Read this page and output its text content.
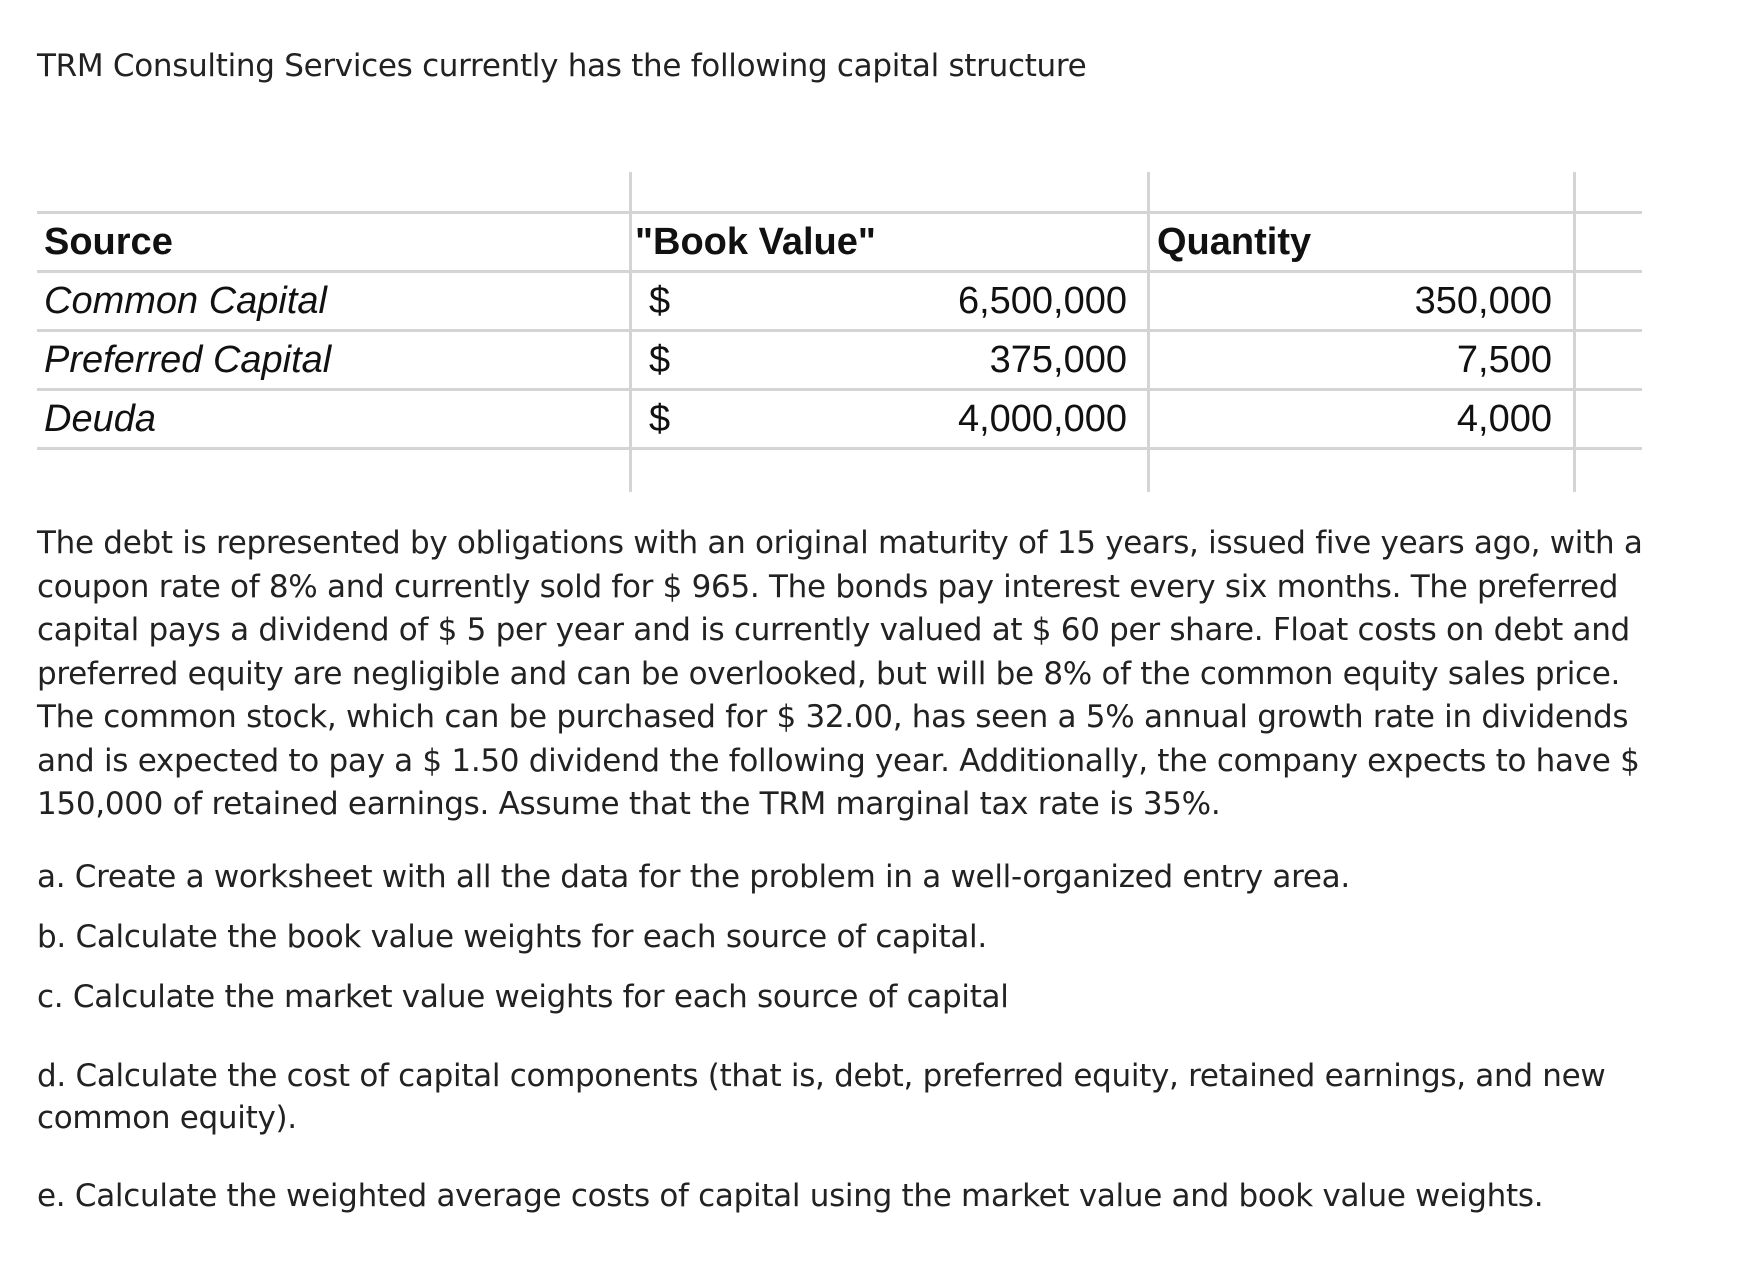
TRM Consulting Services currently has the following capital structure
Source	"Book Value"	Quantity
Common Capital	$	6,500,000	350,000
Preferred Capital	$	375,000	7,500
Deuda	$	4,000,000	4,000

The debt is represented by obligations with an original maturity of 15 years, issued five years ago, with a
coupon rate of 8% and currently sold for $ 965. The bonds pay interest every six months. The preferred
capital pays a dividend of $ 5 per year and is currently valued at $ 60 per share. Float costs on debt and
preferred equity are negligible and can be overlooked, but will be 8% of the common equity sales price.
The common stock, which can be purchased for $ 32.00, has seen a 5% annual growth rate in dividends
and is expected to pay a $ 1.50 dividend the following year. Additionally, the company expects to have $
150,000 of retained earnings. Assume that the TRM marginal tax rate is 35%.

a. Create a worksheet with all the data for the problem in a well-organized entry area.
b. Calculate the book value weights for each source of capital.
c. Calculate the market value weights for each source of capital
d. Calculate the cost of capital components (that is, debt, preferred equity, retained earnings, and new
common equity).
e. Calculate the weighted average costs of capital using the market value and book value weights.
